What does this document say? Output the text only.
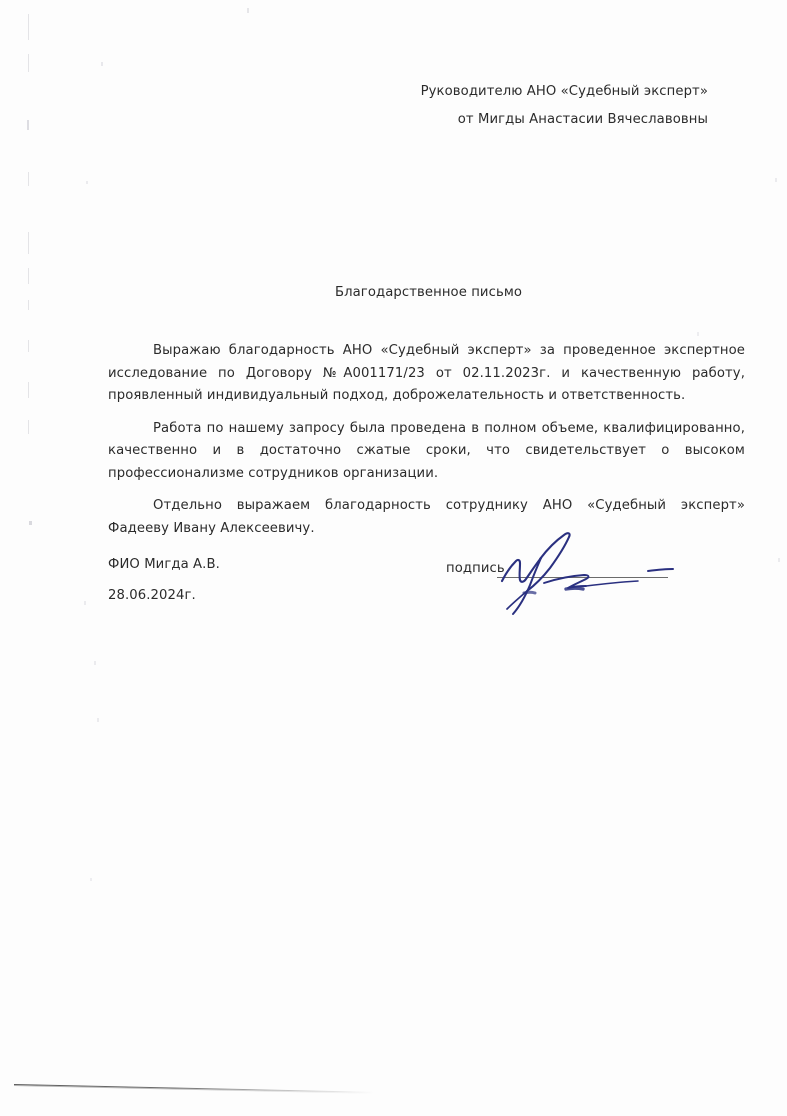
Руководителю АНО «Судебный эксперт»
от Мигды Анастасии Вячеславовны
Благодарственное письмо

Выражаю благодарность АНО «Судебный эксперт» за проведенное экспертное исследование по Договору №А001171/23 от 02.11.2023г. и качественную работу, проявленный индивидуальный подход, доброжелательность и ответственность.

Работа по нашему запросу была проведена в полном объеме, квалифицированно, качественно и в достаточно сжатые сроки, что свидетельствует о высоком профессионализме сотрудников организации.

Отдельно выражаем благодарность сотруднику АНО «Судебный эксперт» Фадееву Ивану Алексеевичу.

ФИО Мигда А.В.
28.06.2024г.
подпись
